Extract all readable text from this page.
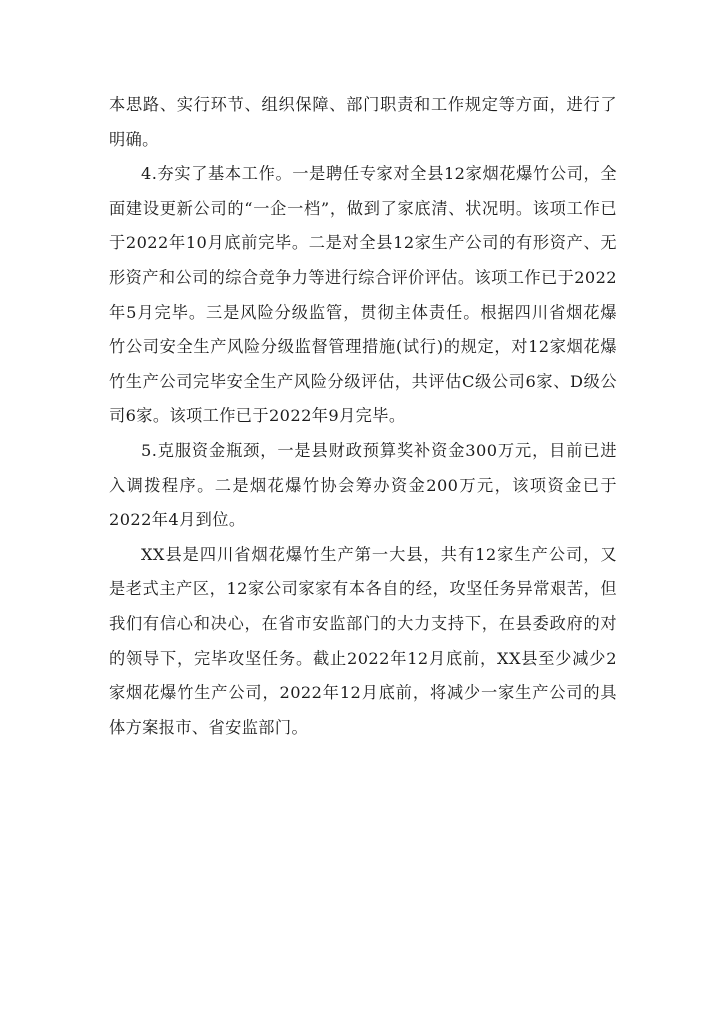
本思路、实行环节、组织保障、部门职责和工作规定等方面，进行了明确。

4.夯实了基本工作。一是聘任专家对全县12家烟花爆竹公司，全面建设更新公司的“一企一档”，做到了家底清、状况明。该项工作已于2022年10月底前完毕。二是对全县12家生产公司的有形资产、无形资产和公司的综合竞争力等进行综合评价评估。该项工作已于2022年5月完毕。三是风险分级监管，贯彻主体责任。根据四川省烟花爆竹公司安全生产风险分级监督管理措施(试行)的规定，对12家烟花爆竹生产公司完毕安全生产风险分级评估，共评估C级公司6家、D级公司6家。该项工作已于2022年9月完毕。

5.克服资金瓶颈，一是县财政预算奖补资金300万元，目前已进入调拨程序。二是烟花爆竹协会筹办资金200万元，该项资金已于2022年4月到位。

XX县是四川省烟花爆竹生产第一大县，共有12家生产公司，又是老式主产区，12家公司家家有本各自的经，攻坚任务异常艰苦，但我们有信心和决心，在省市安监部门的大力支持下，在县委政府的对的领导下，完毕攻坚任务。截止2022年12月底前，XX县至少减少2家烟花爆竹生产公司，2022年12月底前，将减少一家生产公司的具体方案报市、省安监部门。
